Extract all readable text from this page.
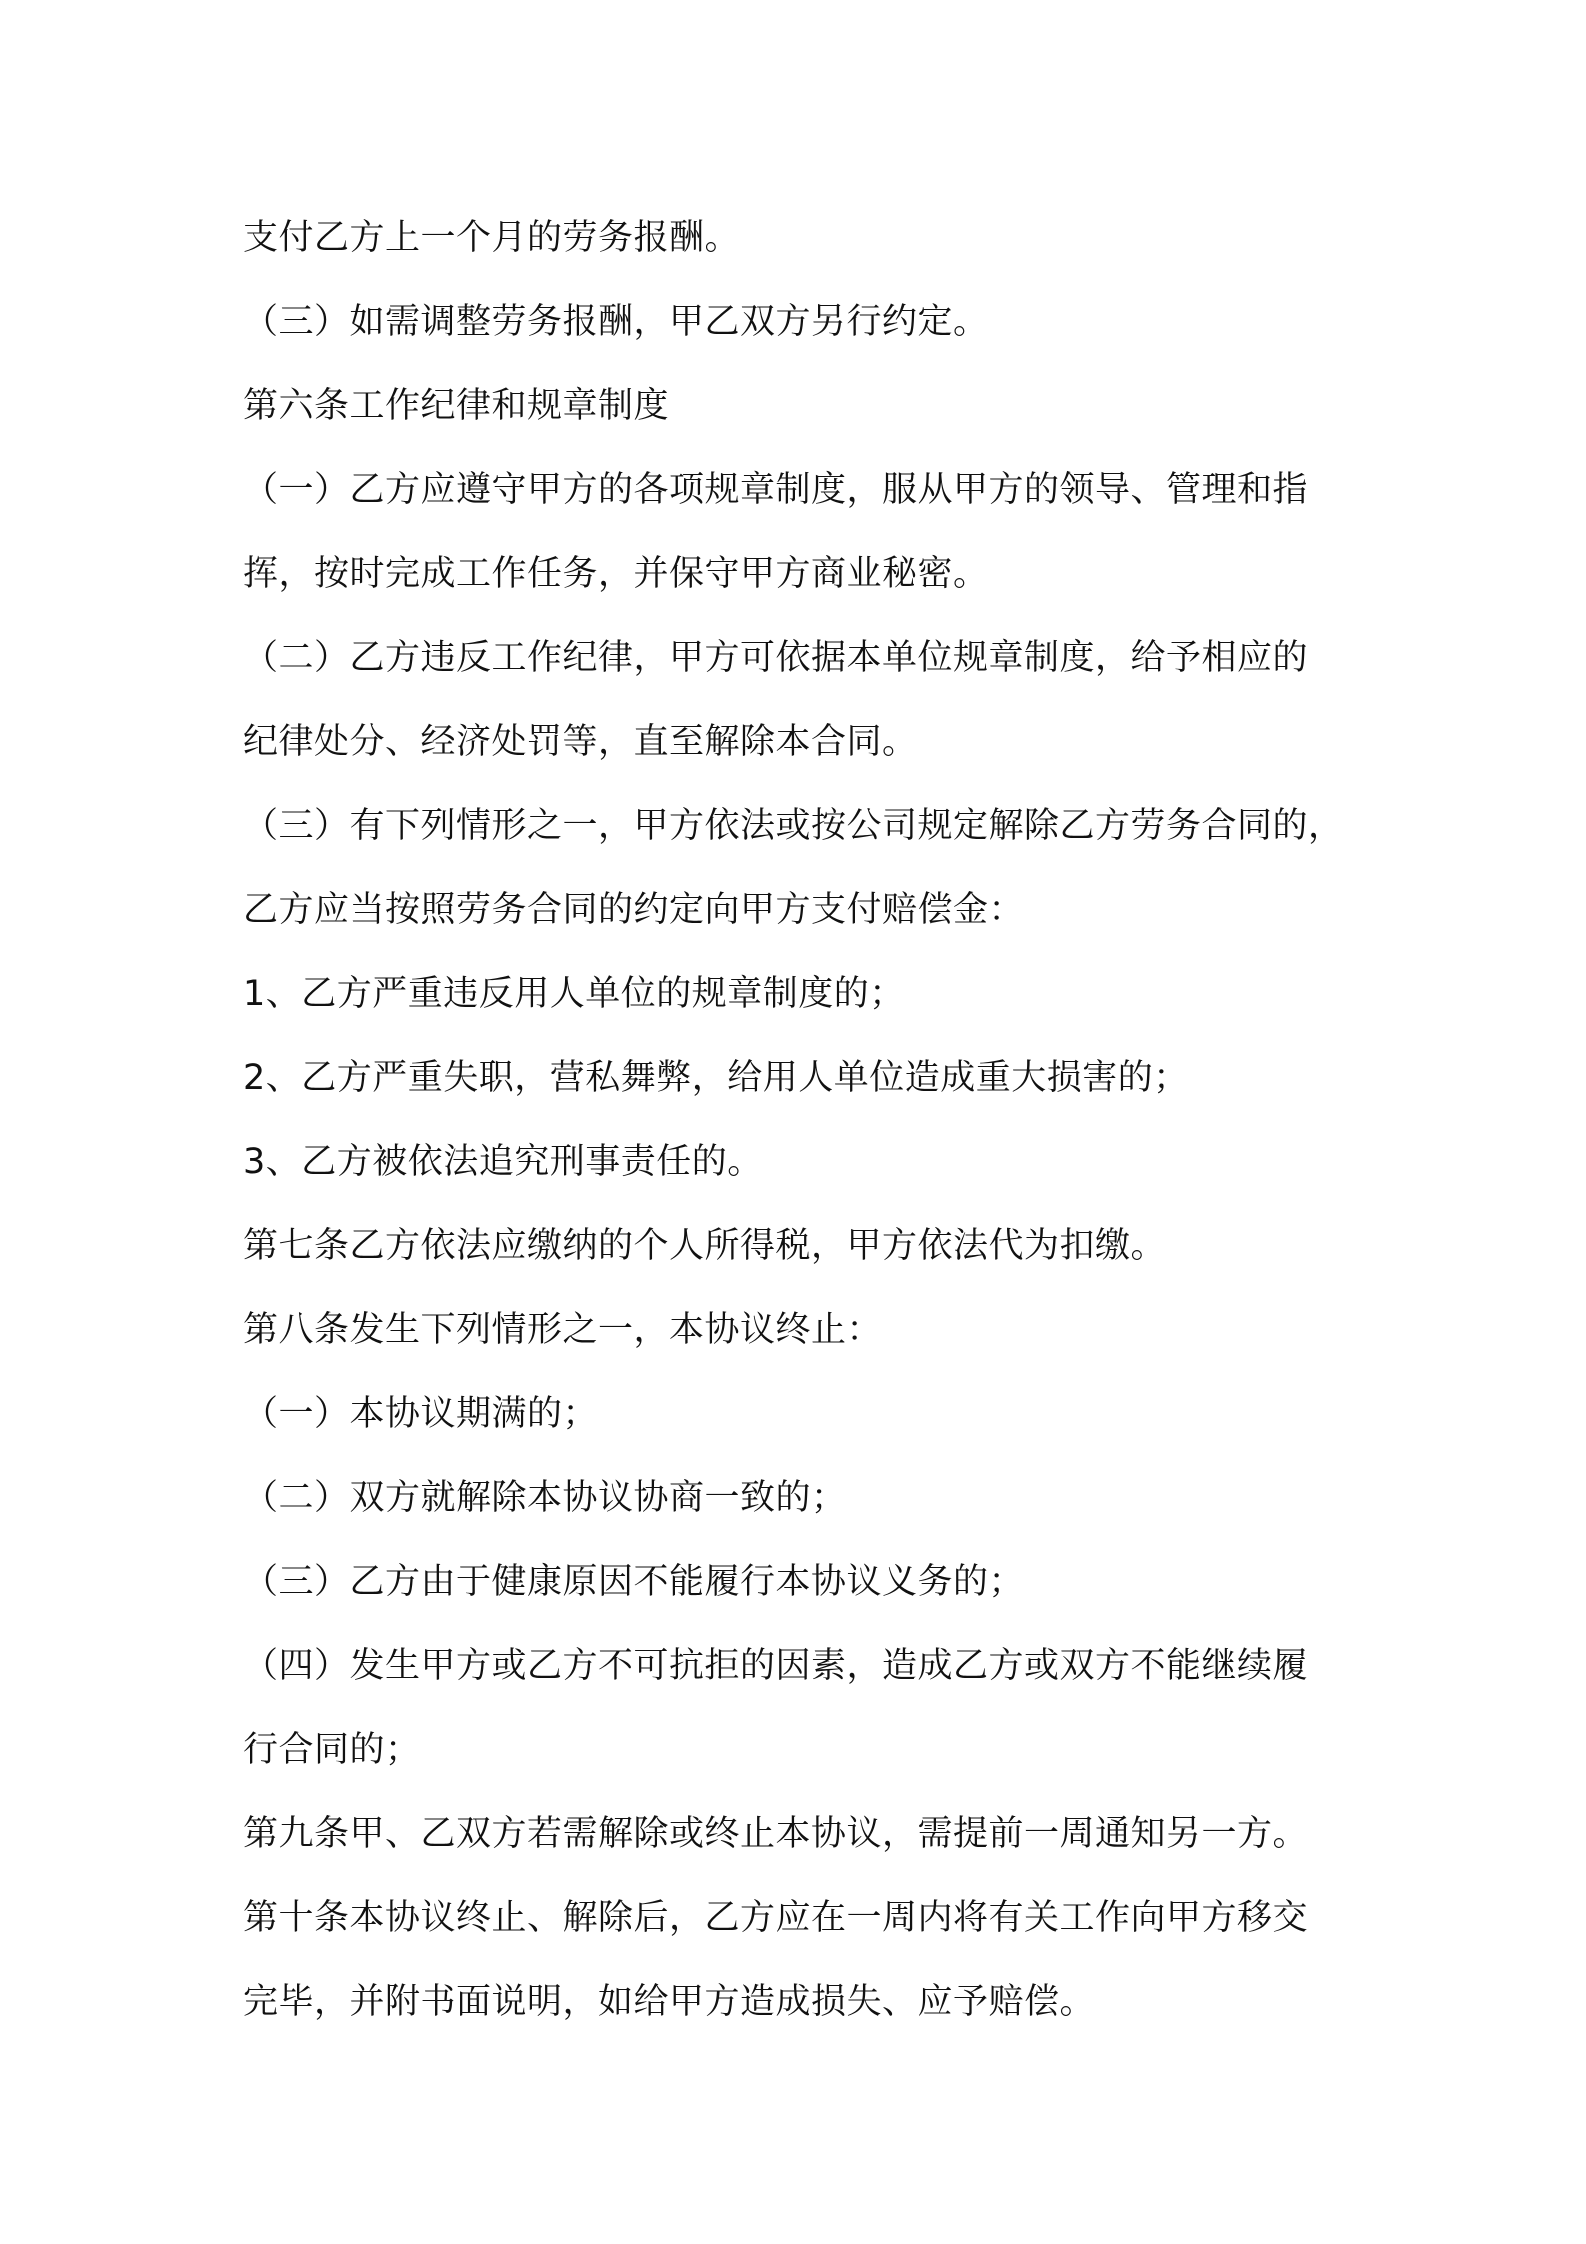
支付乙方上一个月的劳务报酬。
（三）如需调整劳务报酬，甲乙双方另行约定。
第六条工作纪律和规章制度
（一）乙方应遵守甲方的各项规章制度，服从甲方的领导、管理和指
挥，按时完成工作任务，并保守甲方商业秘密。
（二）乙方违反工作纪律，甲方可依据本单位规章制度，给予相应的
纪律处分、经济处罚等，直至解除本合同。
（三）有下列情形之一，甲方依法或按公司规定解除乙方劳务合同的，
乙方应当按照劳务合同的约定向甲方支付赔偿金：
1、乙方严重违反用人单位的规章制度的；
2、乙方严重失职，营私舞弊，给用人单位造成重大损害的；
3、乙方被依法追究刑事责任的。
第七条乙方依法应缴纳的个人所得税，甲方依法代为扣缴。
第八条发生下列情形之一，本协议终止：
（一）本协议期满的；
（二）双方就解除本协议协商一致的；
（三）乙方由于健康原因不能履行本协议义务的；
（四）发生甲方或乙方不可抗拒的因素，造成乙方或双方不能继续履
行合同的；
第九条甲、乙双方若需解除或终止本协议，需提前一周通知另一方。
第十条本协议终止、解除后，乙方应在一周内将有关工作向甲方移交
完毕，并附书面说明，如给甲方造成损失、应予赔偿。
